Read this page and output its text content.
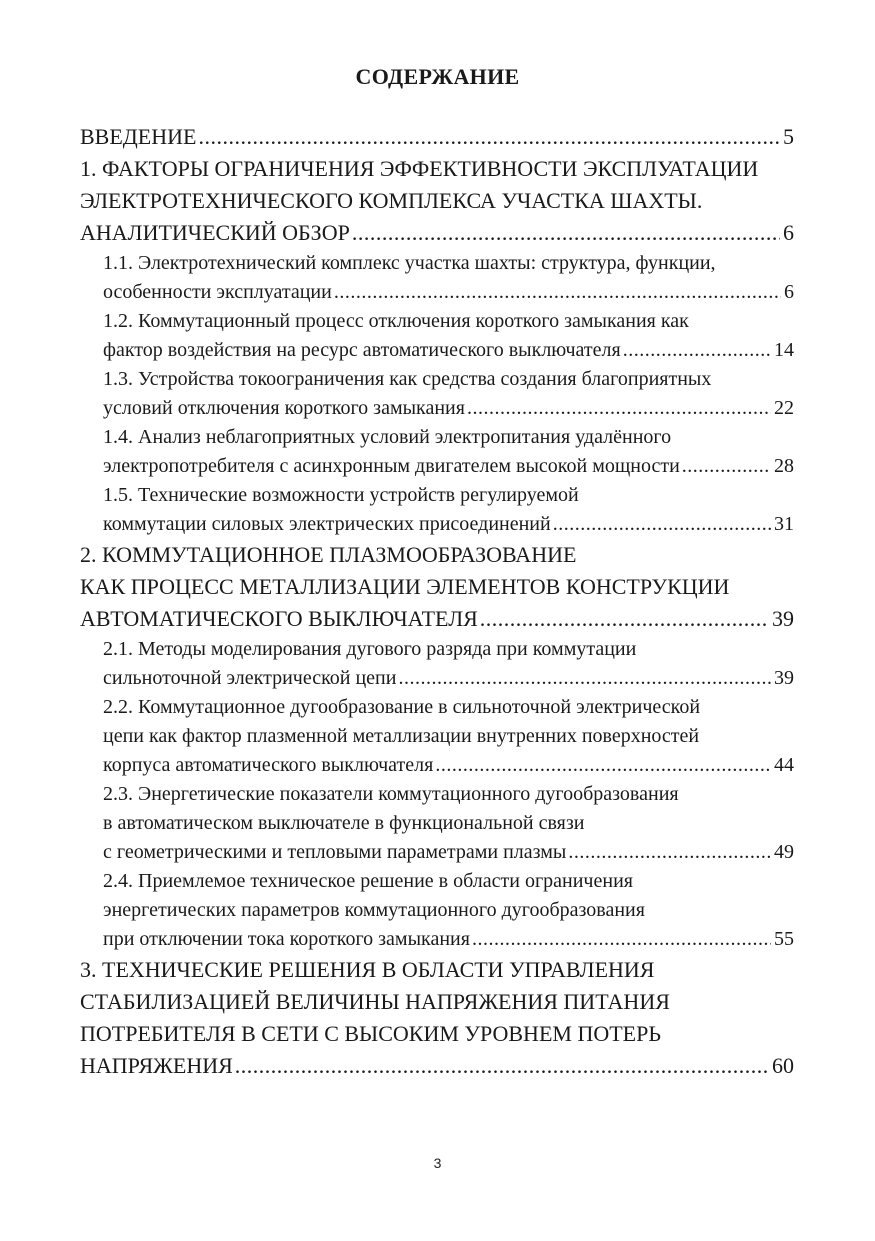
СОДЕРЖАНИЕ
ВВЕДЕНИЕ .....	5
1. ФАКТОРЫ ОГРАНИЧЕНИЯ ЭФФЕКТИВНОСТИ ЭКСПЛУАТАЦИИ
ЭЛЕКТРОТЕХНИЧЕСКОГО КОМПЛЕКСА УЧАСТКА ШАХТЫ.
АНАЛИТИЧЕСКИЙ ОБЗОР .....	6
1.1. Электротехнический комплекс участка шахты: структура, функции,
особенности эксплуатации .....	6
1.2. Коммутационный процесс отключения короткого замыкания как
фактор воздействия на ресурс автоматического выключателя .....	14
1.3. Устройства токоограничения как средства создания благоприятных
условий отключения короткого замыкания .....	22
1.4. Анализ неблагоприятных условий электропитания удалённого
электропотребителя с асинхронным двигателем высокой мощности .....	28
1.5. Технические возможности устройств регулируемой
коммутации силовых электрических присоединений .....	31
2. КОММУТАЦИОННОЕ ПЛАЗМООБРАЗОВАНИЕ
КАК ПРОЦЕСС МЕТАЛЛИЗАЦИИ ЭЛЕМЕНТОВ КОНСТРУКЦИИ
АВТОМАТИЧЕСКОГО ВЫКЛЮЧАТЕЛЯ .....	39
2.1. Методы моделирования дугового разряда при коммутации
сильноточной электрической цепи .....	39
2.2. Коммутационное дугообразование в сильноточной электрической
цепи как фактор плазменной металлизации внутренних поверхностей
корпуса автоматического выключателя .....	44
2.3. Энергетические показатели коммутационного дугообразования
в автоматическом выключателе в функциональной связи
с геометрическими и тепловыми параметрами плазмы .....	49
2.4. Приемлемое техническое решение в области ограничения
энергетических параметров коммутационного дугообразования
при отключении тока короткого замыкания .....	55
3. ТЕХНИЧЕСКИЕ РЕШЕНИЯ В ОБЛАСТИ УПРАВЛЕНИЯ
СТАБИЛИЗАЦИЕЙ ВЕЛИЧИНЫ НАПРЯЖЕНИЯ ПИТАНИЯ
ПОТРЕБИТЕЛЯ В СЕТИ С ВЫСОКИМ УРОВНЕМ ПОТЕРЬ
НАПРЯЖЕНИЯ .....	60
3
